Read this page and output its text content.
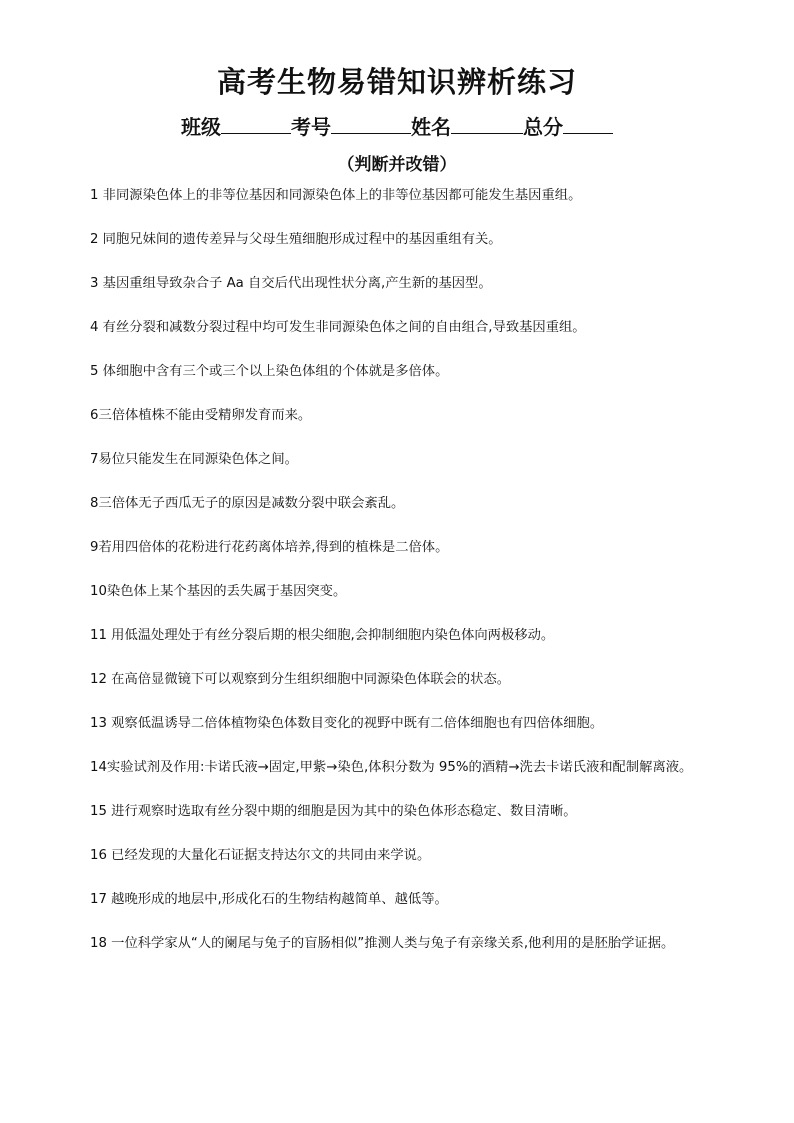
高考生物易错知识辨析练习
班级	考号	姓名	总分
（判断并改错）
1 非同源染色体上的非等位基因和同源染色体上的非等位基因都可能发生基因重组。
2 同胞兄妹间的遗传差异与父母生殖细胞形成过程中的基因重组有关。
3 基因重组导致杂合子 Aa 自交后代出现性状分离,产生新的基因型。
4 有丝分裂和减数分裂过程中均可发生非同源染色体之间的自由组合,导致基因重组。
5 体细胞中含有三个或三个以上染色体组的个体就是多倍体。
6三倍体植株不能由受精卵发育而来。
7易位只能发生在同源染色体之间。
8三倍体无子西瓜无子的原因是减数分裂中联会紊乱。
9若用四倍体的花粉进行花药离体培养,得到的植株是二倍体。
10染色体上某个基因的丢失属于基因突变。
11 用低温处理处于有丝分裂后期的根尖细胞,会抑制细胞内染色体向两极移动。
12 在高倍显微镜下可以观察到分生组织细胞中同源染色体联会的状态。
13 观察低温诱导二倍体植物染色体数目变化的视野中既有二倍体细胞也有四倍体细胞。
14实验试剂及作用:卡诺氏液→固定,甲紫→染色,体积分数为 95%的酒精→洗去卡诺氏液和配制解离液。
15 进行观察时选取有丝分裂中期的细胞是因为其中的染色体形态稳定、数目清晰。
16 已经发现的大量化石证据支持达尔文的共同由来学说。
17 越晚形成的地层中,形成化石的生物结构越简单、越低等。
18 一位科学家从“人的阑尾与兔子的盲肠相似”推测人类与兔子有亲缘关系,他利用的是胚胎学证据。
